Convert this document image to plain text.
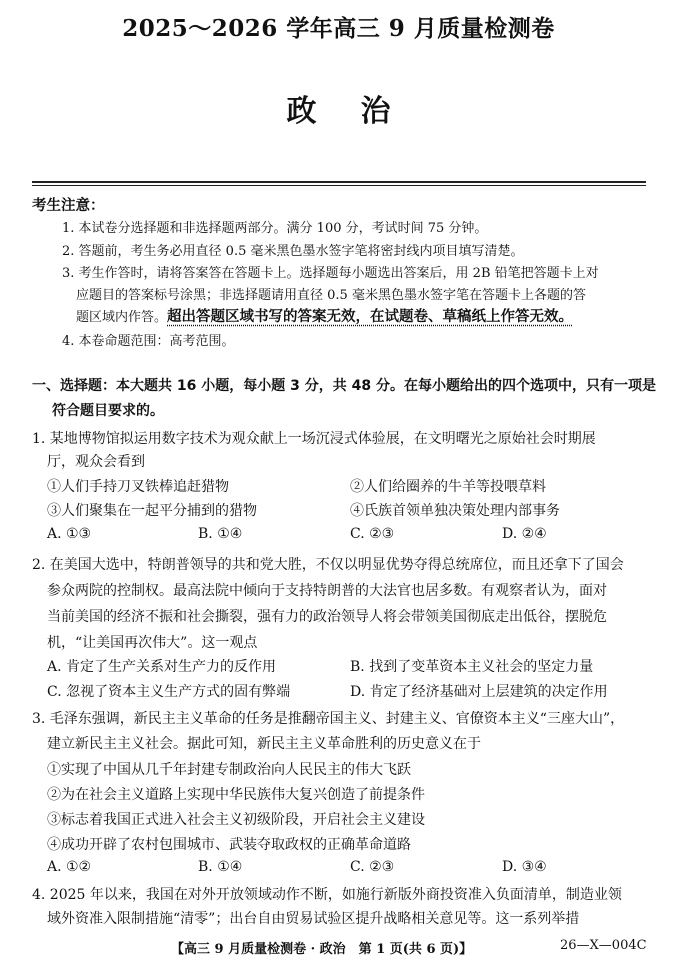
2025～2026 学年高三 9 月质量检测卷
政治
考生注意：
1. 本试卷分选择题和非选择题两部分。满分 100 分，考试时间 75 分钟。
2. 答题前，考生务必用直径 0.5 毫米黑色墨水签字笔将密封线内项目填写清楚。
3. 考生作答时，请将答案答在答题卡上。选择题每小题选出答案后，用 2B 铅笔把答题卡上对
应题目的答案标号涂黑；非选择题请用直径 0.5 毫米黑色墨水签字笔在答题卡上各题的答
题区域内作答。超出答题区域书写的答案无效，在试题卷、草稿纸上作答无效。
4. 本卷命题范围：高考范围。
一、选择题：本大题共 16 小题，每小题 3 分，共 48 分。在每小题给出的四个选项中，只有一项是
符合题目要求的。
1. 某地博物馆拟运用数字技术为观众献上一场沉浸式体验展，在文明曙光之原始社会时期展
厅，观众会看到
①人们手持刀叉铁棒追赶猎物	②人们给圈养的牛羊等投喂草料
③人们聚集在一起平分捕到的猎物	④氏族首领单独决策处理内部事务
A. ①③	B. ①④	C. ②③	D. ②④
2. 在美国大选中，特朗普领导的共和党大胜，不仅以明显优势夺得总统席位，而且还拿下了国会
参众两院的控制权。最高法院中倾向于支持特朗普的大法官也居多数。有观察者认为，面对
当前美国的经济不振和社会撕裂，强有力的政治领导人将会带领美国彻底走出低谷，摆脱危
机，“让美国再次伟大”。这一观点
A. 肯定了生产关系对生产力的反作用	B. 找到了变革资本主义社会的坚定力量
C. 忽视了资本主义生产方式的固有弊端	D. 肯定了经济基础对上层建筑的决定作用
3. 毛泽东强调，新民主主义革命的任务是推翻帝国主义、封建主义、官僚资本主义“三座大山”，
建立新民主主义社会。据此可知，新民主主义革命胜利的历史意义在于
①实现了中国从几千年封建专制政治向人民民主的伟大飞跃
②为在社会主义道路上实现中华民族伟大复兴创造了前提条件
③标志着我国正式进入社会主义初级阶段，开启社会主义建设
④成功开辟了农村包围城市、武装夺取政权的正确革命道路
A. ①②	B. ①④	C. ②③	D. ③④
4. 2025 年以来，我国在对外开放领域动作不断，如施行新版外商投资准入负面清单，制造业领
域外资准入限制措施“清零”；出台自由贸易试验区提升战略相关意见等。这一系列举措
【高三 9 月质量检测卷 · 政治　第 1 页(共 6 页)】	26—X—004C
